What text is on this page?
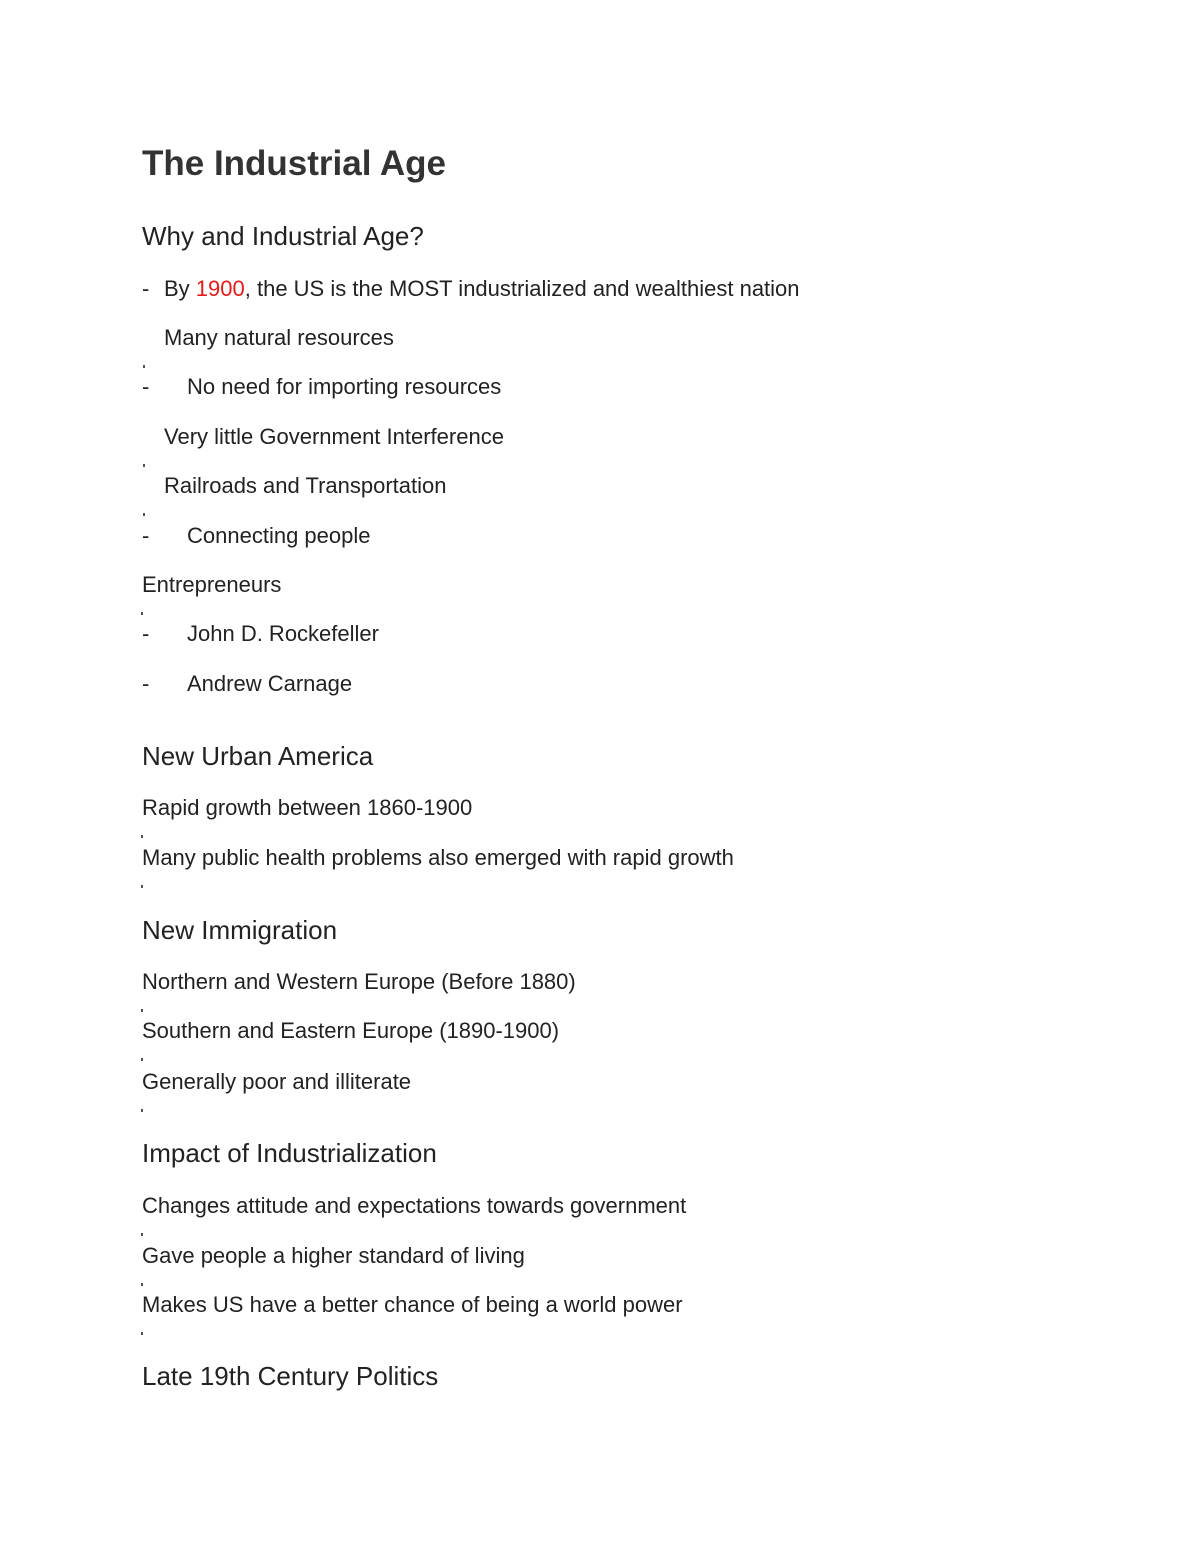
The Industrial Age
Why and Industrial Age?
- By 1900, the US is the MOST industrialized and wealthiest nation
Many natural resources
- No need for importing resources
Very little Government Interference
Railroads and Transportation
- Connecting people
Entrepreneurs
- John D. Rockefeller
- Andrew Carnage
New Urban America
Rapid growth between 1860-1900
Many public health problems also emerged with rapid growth
New Immigration
Northern and Western Europe (Before 1880)
Southern and Eastern Europe (1890-1900)
Generally poor and illiterate
Impact of Industrialization
Changes attitude and expectations towards government
Gave people a higher standard of living
Makes US have a better chance of being a world power
Late 19th Century Politics
